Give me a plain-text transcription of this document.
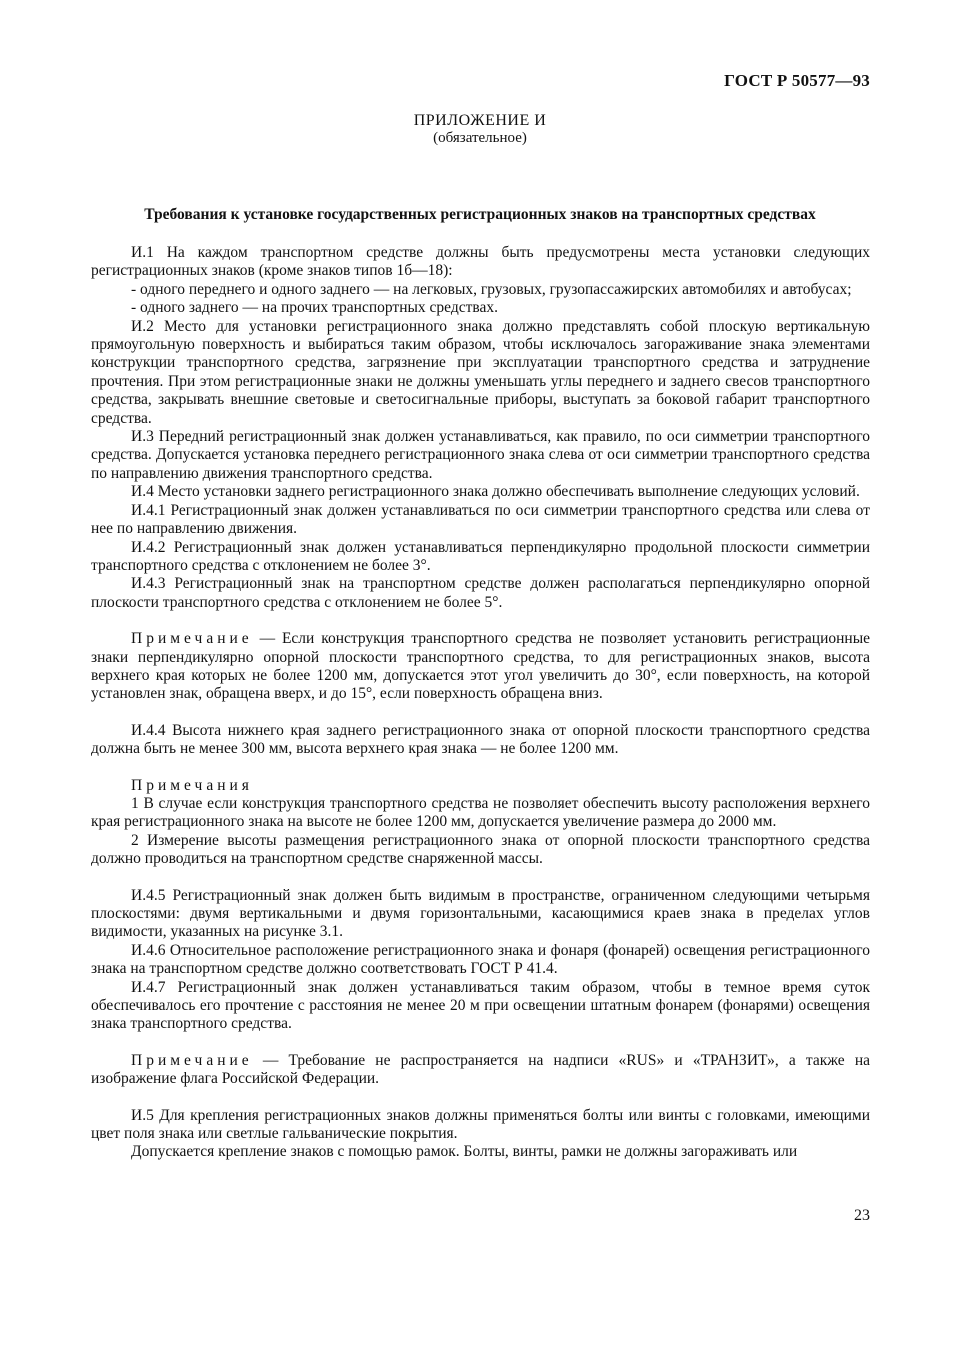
ГОСТ Р 50577—93
ПРИЛОЖЕНИЕ И
(обязательное)
Требования к установке государственных регистрационных знаков на транспортных средствах

И.1 На каждом транспортном средстве должны быть предусмотрены места установки следующих регистрационных знаков (кроме знаков типов 1б—18):

- одного переднего и одного заднего — на легковых, грузовых, грузопассажирских автомобилях и автобусах;

- одного заднего — на прочих транспортных средствах.

И.2 Место для установки регистрационного знака должно представлять собой плоскую вертикальную прямоугольную поверхность и выбираться таким образом, чтобы исключалось загораживание знака элементами конструкции транспортного средства, загрязнение при эксплуатации транспортного средства и затруднение прочтения. При этом регистрационные знаки не должны уменьшать углы переднего и заднего свесов транспортного средства, закрывать внешние световые и светосигнальные приборы, выступать за боковой габарит транспортного средства.

И.3 Передний регистрационный знак должен устанавливаться, как правило, по оси симметрии транспортного средства. Допускается установка переднего регистрационного знака слева от оси симметрии транспортного средства по направлению движения транспортного средства.

И.4 Место установки заднего регистрационного знака должно обеспечивать выполнение следующих условий.

И.4.1 Регистрационный знак должен устанавливаться по оси симметрии транспортного средства или слева от нее по направлению движения.

И.4.2 Регистрационный знак должен устанавливаться перпендикулярно продольной плоскости симметрии транспортного средства с отклонением не более 3°.

И.4.3 Регистрационный знак на транспортном средстве должен располагаться перпендикулярно опорной плоскости транспортного средства с отклонением не более 5°.

Примечание — Если конструкция транспортного средства не позволяет установить регистрационные знаки перпендикулярно опорной плоскости транспортного средства, то для регистрационных знаков, высота верхнего края которых не более 1200 мм, допускается этот угол увеличить до 30°, если поверхность, на которой установлен знак, обращена вверх, и до 15°, если поверхность обращена вниз.

И.4.4 Высота нижнего края заднего регистрационного знака от опорной плоскости транспортного средства должна быть не менее 300 мм, высота верхнего края знака — не более 1200 мм.

Примечания

1 В случае если конструкция транспортного средства не позволяет обеспечить высоту расположения верхнего края регистрационного знака на высоте не более 1200 мм, допускается увеличение размера до 2000 мм.

2 Измерение высоты размещения регистрационного знака от опорной плоскости транспортного средства должно проводиться на транспортном средстве снаряженной массы.

И.4.5 Регистрационный знак должен быть видимым в пространстве, ограниченном следующими четырьмя плоскостями: двумя вертикальными и двумя горизонтальными, касающимися краев знака в пределах углов видимости, указанных на рисунке 3.1.

И.4.6 Относительное расположение регистрационного знака и фонаря (фонарей) освещения регистрационного знака на транспортном средстве должно соответствовать ГОСТ Р 41.4.

И.4.7 Регистрационный знак должен устанавливаться таким образом, чтобы в темное время суток обеспечивалось его прочтение с расстояния не менее 20 м при освещении штатным фонарем (фонарями) освещения знака транспортного средства.

Примечание — Требование не распространяется на надписи «RUS» и «ТРАНЗИТ», а также на изображение флага Российской Федерации.

И.5 Для крепления регистрационных знаков должны применяться болты или винты с головками, имеющими цвет поля знака или светлые гальванические покрытия.

Допускается крепление знаков с помощью рамок. Болты, винты, рамки не должны загораживать или

23
